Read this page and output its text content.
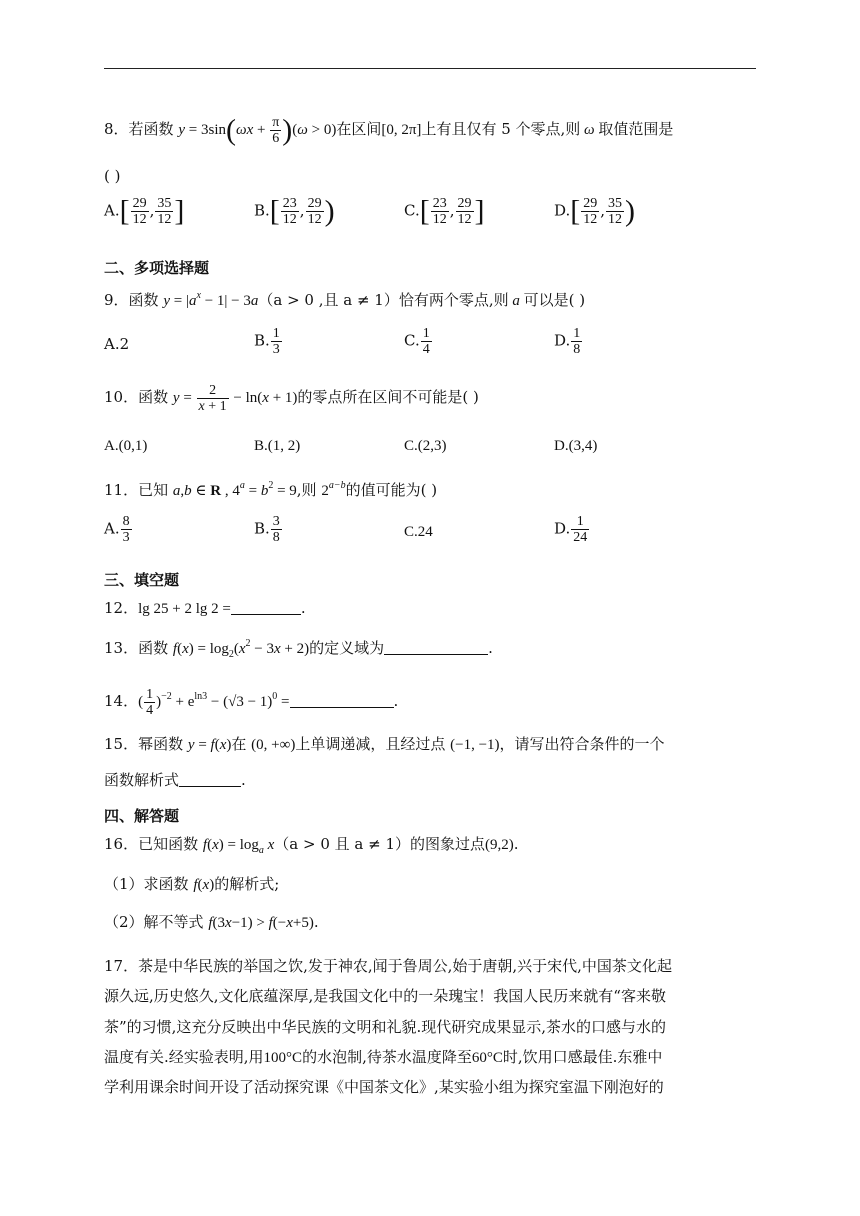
8．若函数 $y = 3\sin(\omega x + \frac{\pi}{6} )(\omega > 0)$在区间[0, 2π]上有且仅有 5 个零点,则 ω 取值范围是
( )
$A.[ \frac{29}{12}$ , $\frac{35}{12}$ ]	$B.[ \frac{23}{12}$ , $\frac{29}{12}$ )	$C.[ \frac{23}{12}$ , $\frac{29}{12}$ ]	$D.[ \frac{29}{12}$ , $\frac{35}{12}$ )
二、多项选择题
9．函数 $y = |a^x - 1| - 3a(a > 0$ ,且 a ≠ 1）恰有两个零点,则 a 可以是( )
A.2	B. $\frac{1}{3}$	C. $\frac{1}{4}$	D. $\frac{1}{8}$
10．函数 $y = \frac{2}{x + 1} - \ln(x + 1)$的零点所在区间不可能是( )
A.(0,1)	B.(1, 2)	C.(2,3)	D.(3,4)
11．已知 a,b ∈ R , $4^a = b^2 = 9$,则 $2^{a-b}$的值可能为( )
A. $\frac{8}{3}$	B. $\frac{3}{8}$	C.24	D. $\frac{1}{24}$
三、填空题
12．lg 25 + 2 lg 2 =	.
13．函数 $f(x) = \log_2(x^2 - 3x + 2)$的定义域为	.
14．( $\frac{1}{4} )^{-2} + e^{ln3} - (√3 - 1)^0$ =	.
15．幂函数 y = f(x)在 (0, +∞)上单调递减，且经过点 (−1, −1)，请写出符合条件的一个
函数解析式	.
四、解答题
16．已知函数 $f(x) = \log_a x(a > 0$ 且 a ≠ 1）的图象过点(9,2).
（1）求函数 f(x)的解析式;
（2）解不等式 f(3x−1) > f(−x+5).
17．茶是中华民族的举国之饮,发于神农,闻于鲁周公,始于唐朝,兴于宋代,中国茶文化起
源久远,历史悠久,文化底蕴深厚,是我国文化中的一朵瑰宝！我国人民历来就有“客来敬
茶”的习惯,这充分反映出中华民族的文明和礼貌.现代研究成果显示,茶水的口感与水的
温度有关.经实验表明,用100°C的水泡制,待茶水温度降至60°C时,饮用口感最佳.东雅中
学利用课余时间开设了活动探究课《中国茶文化》,某实验小组为探究室温下刚泡好的
